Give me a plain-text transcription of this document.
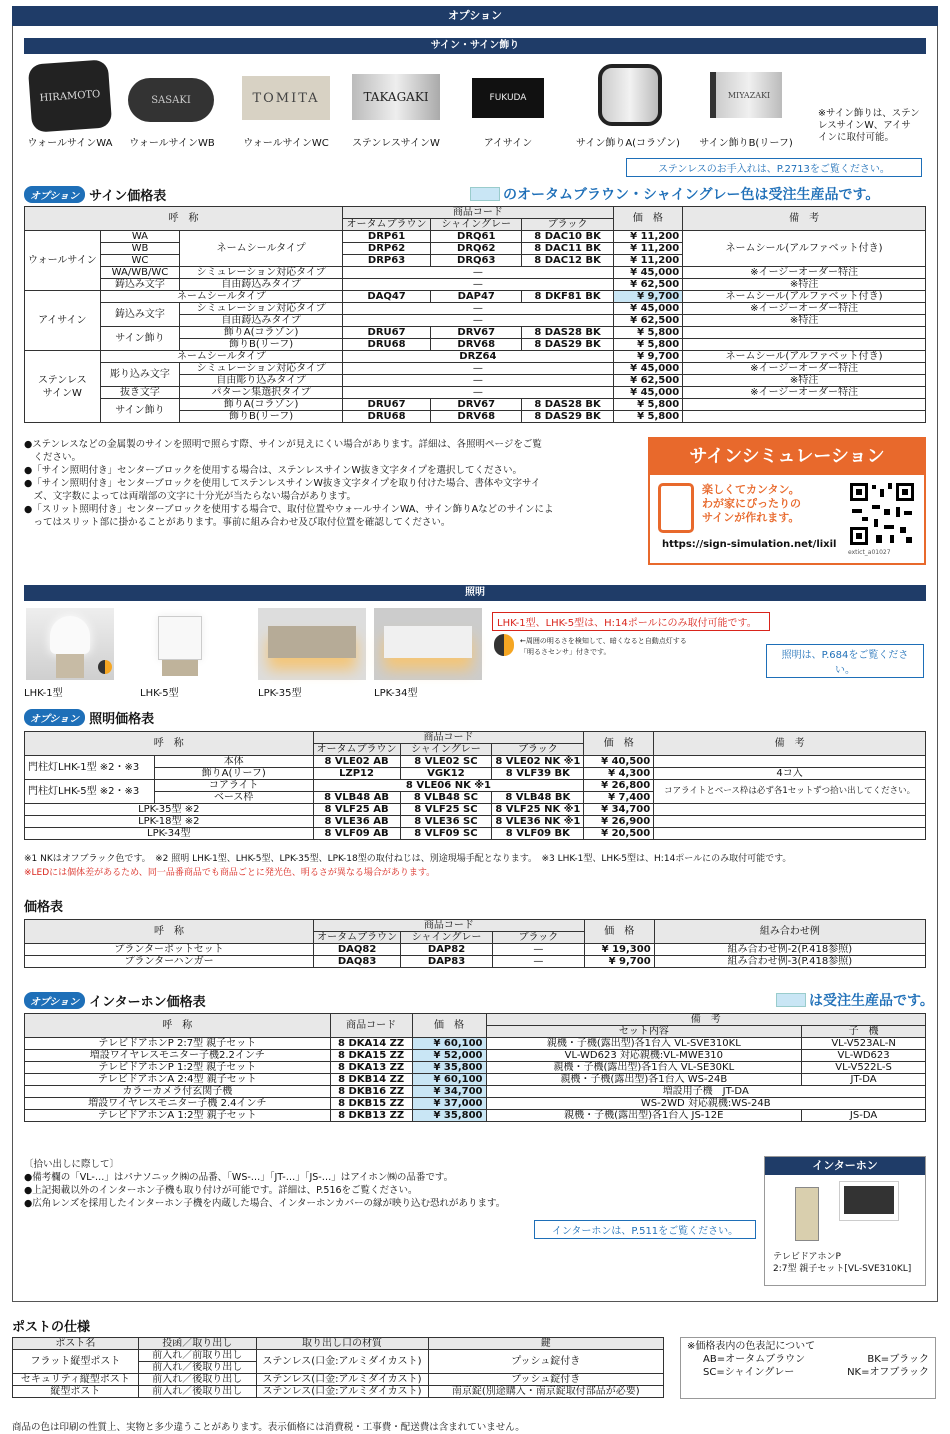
オプション
サイン・サイン飾り
HIRAMOTO	SASAKI	TOMITA	TAKAGAKI	FUKUDA	MIYAZAKI
ウォールサインWA	ウォールサインWB	ウォールサインWC	ステンレスサインW	アイサイン	サイン飾りA(コラゾン)	サイン飾りB(リーフ)
※サイン飾りは、ステン
レスサインW、アイサ
インに取付可能。
ステンレスのお手入れは、P.2713をご覧ください。
オプション サイン価格表	のオータムブラウン・シャイングレー色は受注生産品です。
呼　称			商品コード			価　格	備　考
			オータムブラウン	シャイングレー	ブラック		
ウォールサイン	WA	ネームシールタイプ	DRP61	DRQ61	8 DAC10 BK	¥ 11,200	ネームシール(アルファベット付き)
	WB		DRP62	DRQ62	8 DAC11 BK	¥ 11,200	
	WC		DRP63	DRQ63	8 DAC12 BK	¥ 11,200	
	WA/WB/WC	シミュレーション対応タイプ	—			¥ 45,000	※イージーオーダー特注
	鋳込み文字	自由鋳込みタイプ	—			¥ 62,500	※特注
アイサイン	ネームシールタイプ		DAQ47	DAP47	8 DKF81 BK	¥ 9,700	ネームシール(アルファベット付き)
	鋳込み文字	シミュレーション対応タイプ	—			¥ 45,000	※イージーオーダー特注
		自由鋳込みタイプ	—			¥ 62,500	※特注
	サイン飾り	飾りA(コラゾン)	DRU67	DRV67	8 DAS28 BK	¥ 5,800	
		飾りB(リーフ)	DRU68	DRV68	8 DAS29 BK	¥ 5,800	
ステンレス
サインW	ネームシールタイプ		DRZ64			¥ 9,700	ネームシール(アルファベット付き)
	彫り込み文字	シミュレーション対応タイプ	—			¥ 45,000	※イージーオーダー特注
		自由彫り込みタイプ	—			¥ 62,500	※特注
	抜き文字	パターン集選択タイプ	—			¥ 45,000	※イージーオーダー特注
	サイン飾り	飾りA(コラゾン)	DRU67	DRV67	8 DAS28 BK	¥ 5,800	
		飾りB(リーフ)	DRU68	DRV68	8 DAS29 BK	¥ 5,800	
●ステンレスなどの金属製のサインを照明で照らす際、サインが見えにくい場合があります。詳細は、各照明ページをご覧
　ください。
●「サイン照明付き」センターブロックを使用する場合は、ステンレスサインW抜き文字タイプを選択してください。
●「サイン照明付き」センターブロックを使用してステンレスサインW抜き文字タイプを取り付けた場合、書体や文字サイ
　ズ、文字数によっては両端部の文字に十分光が当たらない場合があります。
●「スリット照明付き」センターブロックを使用する場合で、取付位置やウォールサインWA、サイン飾りAなどのサインによ
　ってはスリット部に掛かることがあります。事前に組み合わせ及び取付位置を確認してください。
サインシミュレーション
楽しくてカンタン。
わが家にぴったりの
サインが作れます。
extict_a01027
https://sign-simulation.net/lixil
照明
LHK-1型	LHK-5型	LPK-35型	LPK-34型
LHK-1型、LHK-5型は、H:14ポールにのみ取付可能です。
←周囲の明るさを検知して、暗くなると自動点灯する
「明るさセンサ」付きです。	照明は、P.684をご覧ください。
オプション 照明価格表
呼　称		商品コード			価　格	備　考
		オータムブラウン	シャイングレー	ブラック		
門柱灯LHK-1型 ※2・※3	本体	8 VLE02 AB	8 VLE02 SC	8 VLE02 NK ※1	¥ 40,500	
	飾りA(リーフ)	LZP12	VGK12	8 VLF39 BK	¥ 4,300	4コ入
門柱灯LHK-5型 ※2・※3	コアライト	8 VLE06 NK ※1			¥ 26,800	コアライトとベース枠は必ず各1セットずつ拾い出してください。
	ベース枠	8 VLB48 AB	8 VLB48 SC	8 VLB48 BK	¥ 7,400	
LPK-35型 ※2		8 VLF25 AB	8 VLF25 SC	8 VLF25 NK ※1	¥ 34,700	
LPK-18型 ※2		8 VLE36 AB	8 VLE36 SC	8 VLE36 NK ※1	¥ 26,900	
LPK-34型		8 VLF09 AB	8 VLF09 SC	8 VLF09 BK	¥ 20,500	
※1 NKはオフブラック色です。　※2 照明 LHK-1型、LHK-5型、LPK-35型、LPK-18型の取付ねじは、別途現場手配となります。　※3 LHK-1型、LHK-5型は、H:14ポールにのみ取付可能です。
※LEDには個体差があるため、同一品番商品でも商品ごとに発光色、明るさが異なる場合があります。
価格表
呼　称	商品コード			価　格	組み合わせ例
	オータムブラウン	シャイングレー	ブラック		
プランターポットセット	DAQ82	DAP82	—	¥ 19,300	組み合わせ例-2(P.418参照)
プランターハンガー	DAQ83	DAP83	—	¥ 9,700	組み合わせ例-3(P.418参照)
オプション インターホン価格表	は受注生産品です。
呼　称	商品コード	価　格	備　考	
			セット内容	子　機
テレビドアホンP 2:7型 親子セット	8 DKA14 ZZ	¥ 60,100	親機・子機(露出型)各1台入 VL-SVE310KL	VL-V523AL-N
増設ワイヤレスモニター子機2.2インチ	8 DKA15 ZZ	¥ 52,000	VL-WD623 対応親機:VL-MWE310	VL-WD623
テレビドアホンP 1:2型 親子セット	8 DKA13 ZZ	¥ 35,800	親機・子機(露出型)各1台入 VL-SE30KL	VL-V522L-S
テレビドアホンA 2:4型 親子セット	8 DKB14 ZZ	¥ 60,100	親機・子機(露出型)各1台入 WS-24B	JT-DA
カラーカメラ付玄関子機	8 DKB16 ZZ	¥ 34,700	増設用子機　JT-DA	
増設ワイヤレスモニター子機 2.4インチ	8 DKB15 ZZ	¥ 37,000	WS-2WD 対応親機:WS-24B	
テレビドアホンA 1:2型 親子セット	8 DKB13 ZZ	¥ 35,800	親機・子機(露出型)各1台入 JS-12E	JS-DA
〔拾い出しに際して〕
●備考欄の「VL-…」はパナソニック㈱の品番、「WS-…」「JT-…」「JS-…」はアイホン㈱の品番です。
●上記掲載以外のインターホン子機も取り付けが可能です。詳細は、P.516をご覧ください。
●広角レンズを採用したインターホン子機を内蔵した場合、インターホンカバーの縁が映り込む恐れがあります。
インターホンは、P.511をご覧ください。
インターホン
テレビドアホンP
2:7型 親子セット[VL-SVE310KL]
ポストの仕様
ポスト名	投函／取り出し	取り出し口の材質	鍵
フラット縦型ポスト	前入れ／前取り出し	ステンレス(口金:アルミダイカスト)	プッシュ錠付き
	前入れ／後取り出し		
セキュリティ縦型ポスト	前入れ／後取り出し	ステンレス(口金:アルミダイカスト)	プッシュ錠付き
縦型ポスト	前入れ／後取り出し	ステンレス(口金:アルミダイカスト)	南京錠(別途購入・南京錠取付部品が必要)
※価格表内の色表記について
AB=オータムブラウン	BK=ブラック
SC=シャイングレー	NK=オフブラック
商品の色は印刷の性質上、実物と多少違うことがあります。表示価格には消費税・工事費・配送費は含まれていません。
